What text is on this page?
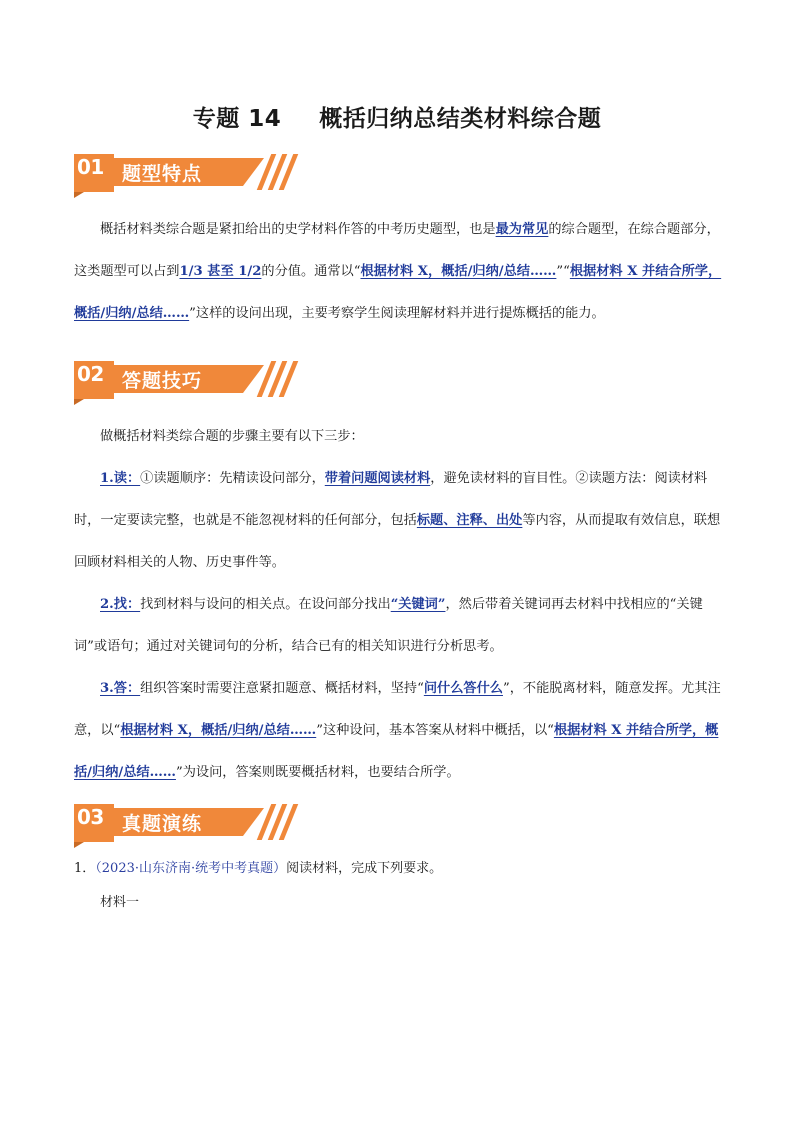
专题 14 概括归纳总结类材料综合题
01 题型特点

概括材料类综合题是紧扣给出的史学材料作答的中考历史题型，也是最为常见的综合题型，在综合题部分，这类题型可以占到1/3 甚至 1/2的分值。通常以“根据材料 X，概括/归纳/总结……”“根据材料 X 并结合所学，概括/归纳/总结……”这样的设问出现，主要考察学生阅读理解材料并进行提炼概括的能力。

02 答题技巧

做概括材料类综合题的步骤主要有以下三步：

1.读：①读题顺序：先精读设问部分，带着问题阅读材料，避免读材料的盲目性。②读题方法：阅读材料时，一定要读完整，也就是不能忽视材料的任何部分，包括标题、注释、出处等内容，从而提取有效信息，联想回顾材料相关的人物、历史事件等。

2.找：找到材料与设问的相关点。在设问部分找出“关键词”，然后带着关键词再去材料中找相应的“关键词”或语句；通过对关键词句的分析，结合已有的相关知识进行分析思考。

3.答：组织答案时需要注意紧扣题意、概括材料，坚持“问什么答什么”，不能脱离材料，随意发挥。尤其注意，以“根据材料 X，概括/归纳/总结……”这种设问，基本答案从材料中概括，以“根据材料 X 并结合所学，概括/归纳/总结……”为设问，答案则既要概括材料，也要结合所学。

03 真题演练

1．（2023·山东济南·统考中考真题）阅读材料，完成下列要求。

材料一
